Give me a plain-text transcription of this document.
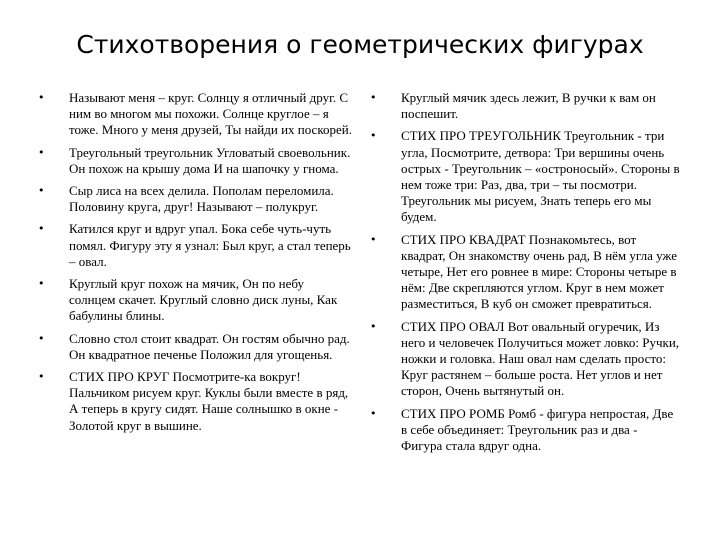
Стихотворения о геометрических фигурах
• Называют меня – круг. Солнцу я отличный друг. С ним во многом мы похожи. Солнце круглое – я тоже. Много у меня друзей, Ты найди их поскорей.
• Треугольный треугольник Угловатый своевольник. Он похож на крышу дома И на шапочку у гнома.
• Сыр лиса на всех делила. Пополам переломила. Половину круга, друг! Называют – полукруг.
• Катился круг и вдруг упал. Бока себе чуть-чуть помял. Фигуру эту я узнал: Был круг, а стал теперь – овал.
• Круглый круг похож на мячик, Он по небу солнцем скачет. Круглый словно диск луны, Как бабулины блины.
• Словно стол стоит квадрат. Он гостям обычно рад. Он квадратное печенье Положил для угощенья.
• СТИХ ПРО КРУГ Посмотрите-ка вокруг! Пальчиком рисуем круг. Куклы были вместе в ряд, А теперь в кругу сидят. Наше солнышко в окне - Золотой круг в вышине.
• Круглый мячик здесь лежит, В ручки к вам он поспешит.
• СТИХ ПРО ТРЕУГОЛЬНИК Треугольник - три угла, Посмотрите, детвора: Три вершины очень острых - Треугольник – «остроносый». Стороны в нем тоже три: Раз, два, три – ты посмотри. Треугольник мы рисуем, Знать теперь его мы будем.
• СТИХ ПРО КВАДРАТ Познакомьтесь, вот квадрат, Он знакомству очень рад, В нём угла уже четыре, Нет его ровнее в мире: Стороны четыре в нём: Две скрепляются углом. Круг в нем может разместиться, В куб он сможет превратиться.
• СТИХ ПРО ОВАЛ Вот овальный огуречик, Из него и человечек Получиться может ловко: Ручки, ножки и головка. Наш овал нам сделать просто: Круг растянем – больше роста. Нет углов и нет сторон, Очень вытянутый он.
• СТИХ ПРО РОМБ Ромб - фигура непростая, Две в себе объединяет: Треугольник раз и два - Фигура стала вдруг одна.
